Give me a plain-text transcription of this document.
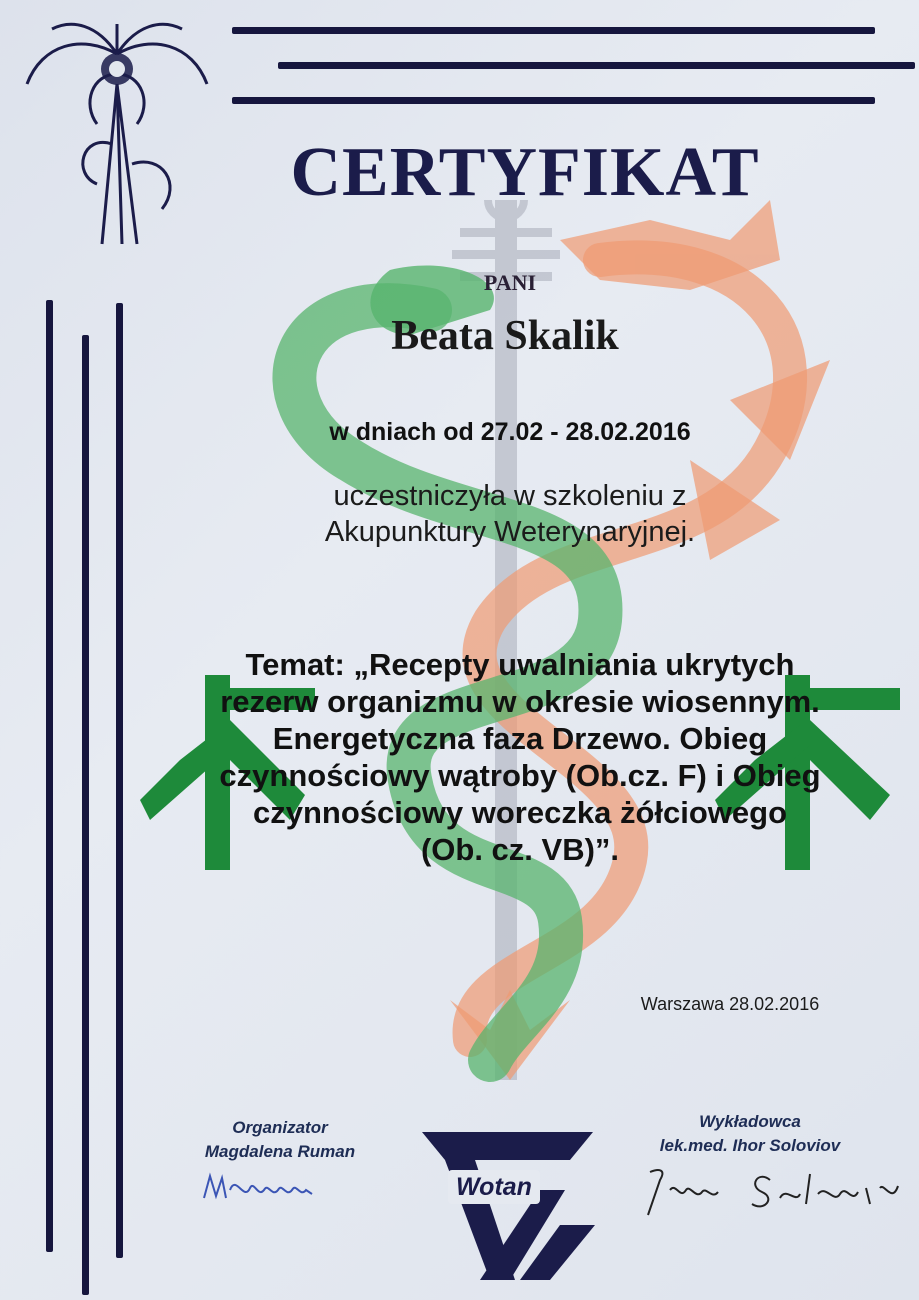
CERTYFIKAT
PANI
Beata Skalik
w dniach od 27.02 - 28.02.2016
uczestniczyła w szkoleniu z
Akupunktury Weterynaryjnej.
Temat: „Recepty uwalniania ukrytych
rezerw organizmu w okresie wiosennym.
Energetyczna faza Drzewo. Obieg
czynnościowy wątroby (Ob.cz. F) i Obieg
czynnościowy woreczka żółciowego
(Ob. cz. VB)”.
Warszawa 28.02.2016
Organizator
Magdalena Ruman
Wotan
Wykładowca
lek.med. Ihor Soloviov
